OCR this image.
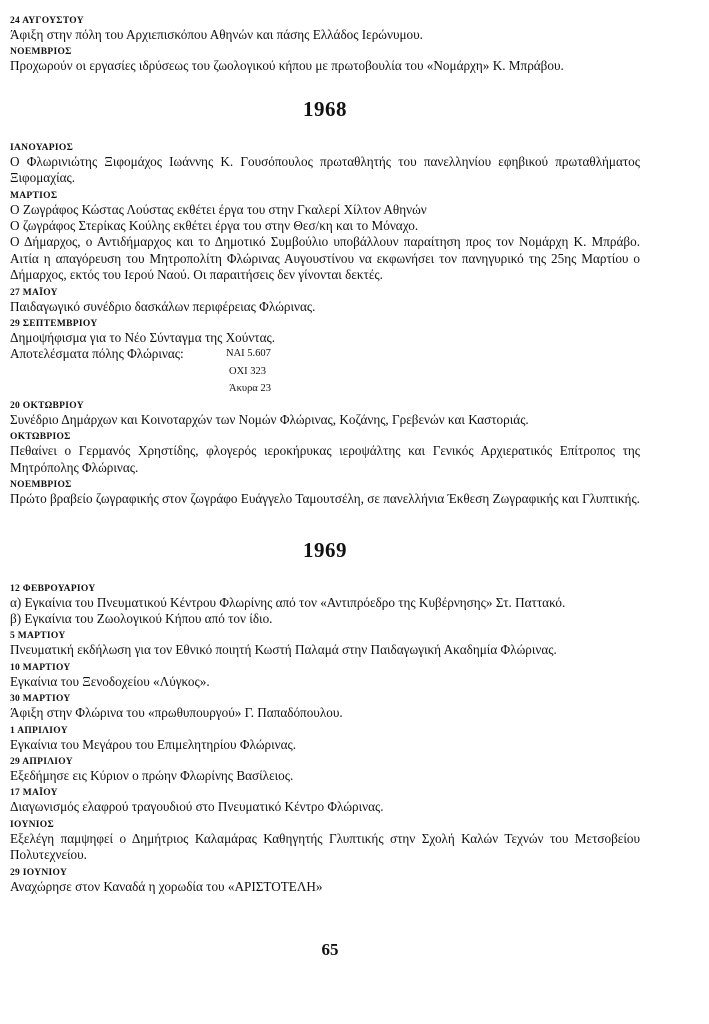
24 ΑΥΓΟΥΣΤΟΥ
Άφιξη στην πόλη του Αρχιεπισκόπου Αθηνών και πάσης Ελλάδος Ιερώνυμου.
ΝΟΕΜΒΡΙΟΣ
Προχωρούν οι εργασίες ιδρύσεως του ζωολογικού κήπου με πρωτοβουλία του «Νομάρχη» Κ. Μπράβου.
1968
ΙΑΝΟΥΑΡΙΟΣ
Ο Φλωρινιώτης Ξιφομάχος Ιωάννης Κ. Γουσόπουλος πρωταθλητής του πανελληνίου εφηβικού πρωταθλήματος Ξιφομαχίας.
ΜΑΡΤΙΟΣ
Ο Ζωγράφος Κώστας Λούστας εκθέτει έργα του στην Γκαλερί Χίλτον Αθηνών
Ο ζωγράφος Στερίκας Κούλης εκθέτει έργα του στην Θεσ/κη και το Μόναχο.
Ο Δήμαρχος, ο Αντιδήμαρχος και το Δημοτικό Συμβούλιο υποβάλλουν παραίτηση προς τον Νομάρχη Κ. Μπράβο. Αιτία η απαγόρευση του Μητροπολίτη Φλώρινας Αυγουστίνου να εκφωνήσει τον πανηγυρικό της 25ης Μαρτίου ο Δήμαρχος, εκτός του Ιερού Ναού. Οι παραιτήσεις δεν γίνονται δεκτές.
27 ΜΑΪΟΥ
Παιδαγωγικό συνέδριο δασκάλων περιφέρειας Φλώρινας.
29 ΣΕΠΤΕΜΒΡΙΟΥ
Δημοψήφισμα για το Νέο Σύνταγμα της Χούντας.
Αποτελέσματα πόλης Φλώρινας:	ΝΑΙ 5.607
ΟΧΙ 323
Άκυρα 23
20 ΟΚΤΩΒΡΙΟΥ
Συνέδριο Δημάρχων και Κοινοταρχών των Νομών Φλώρινας, Κοζάνης, Γρεβενών και Καστοριάς.
ΟΚΤΩΒΡΙΟΣ
Πεθαίνει ο Γερμανός Χρηστίδης, φλογερός ιεροκήρυκας ιεροψάλτης και Γενικός Αρχιερατικός Επίτροπος της Μητρόπολης Φλώρινας.
ΝΟΕΜΒΡΙΟΣ
Πρώτο βραβείο ζωγραφικής στον ζωγράφο Ευάγγελο Ταμουτσέλη, σε πανελλήνια Έκθεση Ζωγραφικής και Γλυπτικής.
1969
12 ΦΕΒΡΟΥΑΡΙΟΥ
α) Εγκαίνια του Πνευματικού Κέντρου Φλωρίνης από τον «Αντιπρόεδρο της Κυβέρνησης» Στ. Παττακό.
β) Εγκαίνια του Ζωολογικού Κήπου από τον ίδιο.
5 ΜΑΡΤΙΟΥ
Πνευματική εκδήλωση για τον Εθνικό ποιητή Κωστή Παλαμά στην Παιδαγωγική Ακαδημία Φλώρινας.
10 ΜΑΡΤΙΟΥ
Εγκαίνια του Ξενοδοχείου «Λύγκος».
30 ΜΑΡΤΙΟΥ
Άφιξη στην Φλώρινα του «πρωθυπουργού» Γ. Παπαδόπουλου.
1 ΑΠΡΙΛΙΟΥ
Εγκαίνια του Μεγάρου του Επιμελητηρίου Φλώρινας.
29 ΑΠΡΙΛΙΟΥ
Εξεδήμησε εις Κύριον ο πρώην Φλωρίνης Βασίλειος.
17 ΜΑΪΟΥ
Διαγωνισμός ελαφρού τραγουδιού στο Πνευματικό Κέντρο Φλώρινας.
ΙΟΥΝΙΟΣ
Εξελέγη παμψηφεί ο Δημήτριος Καλαμάρας Καθηγητής Γλυπτικής στην Σχολή Καλών Τεχνών του Μετσοβείου Πολυτεχνείου.
29 ΙΟΥΝΙΟΥ
Αναχώρησε στον Καναδά η χορωδία του «ΑΡΙΣΤΟΤΕΛΗ»
65
